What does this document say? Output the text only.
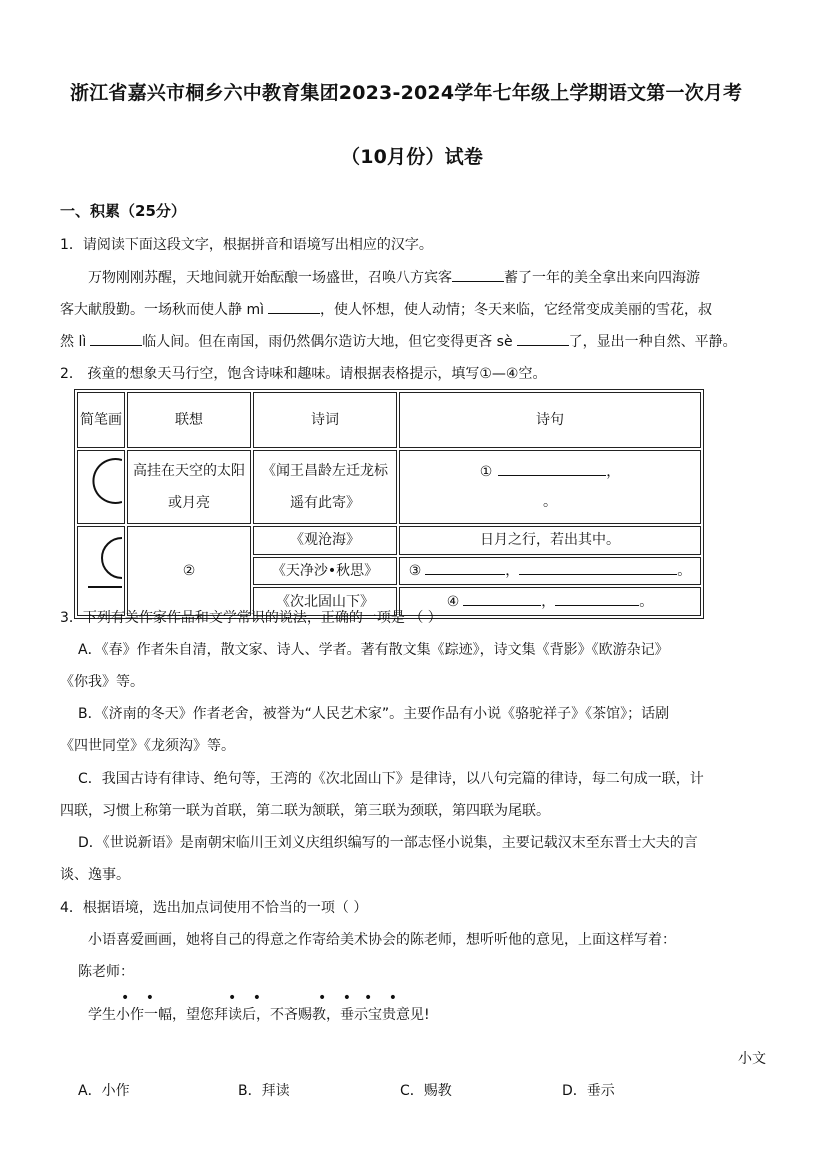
浙江省嘉兴市桐乡六中教育集团2023-2024学年七年级上学期语文第一次月考
（10月份）试卷
一、积累（25分）
1．请阅读下面这段文字，根据拼音和语境写出相应的汉字。
万物刚刚苏醒，天地间就开始酝酿一场盛世，召唤八方宾客	蓄了一年的美全拿出来向四海游
客大献殷勤。一场秋而使人静 mì	，使人怀想，使人动情；冬天来临，它经常变成美丽的雪花，叔
然 lì	临人间。但在南国，雨仍然偶尔造访大地，但它变得更吝 sè	了，显出一种自然、平静。
2． 孩童的想象天马行空，饱含诗味和趣味。请根据表格提示，填写①—④空。
简笔画	联想	诗词	诗句
	高挂在天空的太阳或月亮	《闻王昌龄左迁龙标遥有此寄》	① ，
。

	②	《观沧海》	日月之行，若出其中。
		《天净沙•秋思》	③ ， 。
		《次北固山下》	④ ， 。
3．下列有关作家作品和文学常识的说法，正确的一项是 （ ）
A．《春》作者朱自清，散文家、诗人、学者。著有散文集《踪迹》，诗文集《背影》《欧游杂记》
《你我》等。
B．《济南的冬天》作者老舍，被誉为“人民艺术家”。主要作品有小说《骆驼祥子》《茶馆》；话剧
《四世同堂》《龙须沟》等。
C．我国古诗有律诗、绝句等，王湾的《次北固山下》是律诗，以八句完篇的律诗，每二句成一联，计
四联，习惯上称第一联为首联，第二联为颔联，第三联为颈联，第四联为尾联。
D．《世说新语》是南朝宋临川王刘义庆组织编写的一部志怪小说集，主要记载汉末至东晋士大夫的言
谈、逸事。
4．根据语境，选出加点词使用不恰当的一项（ ）
小语喜爱画画，她将自己的得意之作寄给美术协会的陈老师，想听听他的意见，上面这样写着：
陈老师：
• •	• •	• • • •
学生小作一幅，望您拜读后，不吝赐教，垂示宝贵意见!
小文
A．小作	B．拜读	C．赐教	D．垂示
